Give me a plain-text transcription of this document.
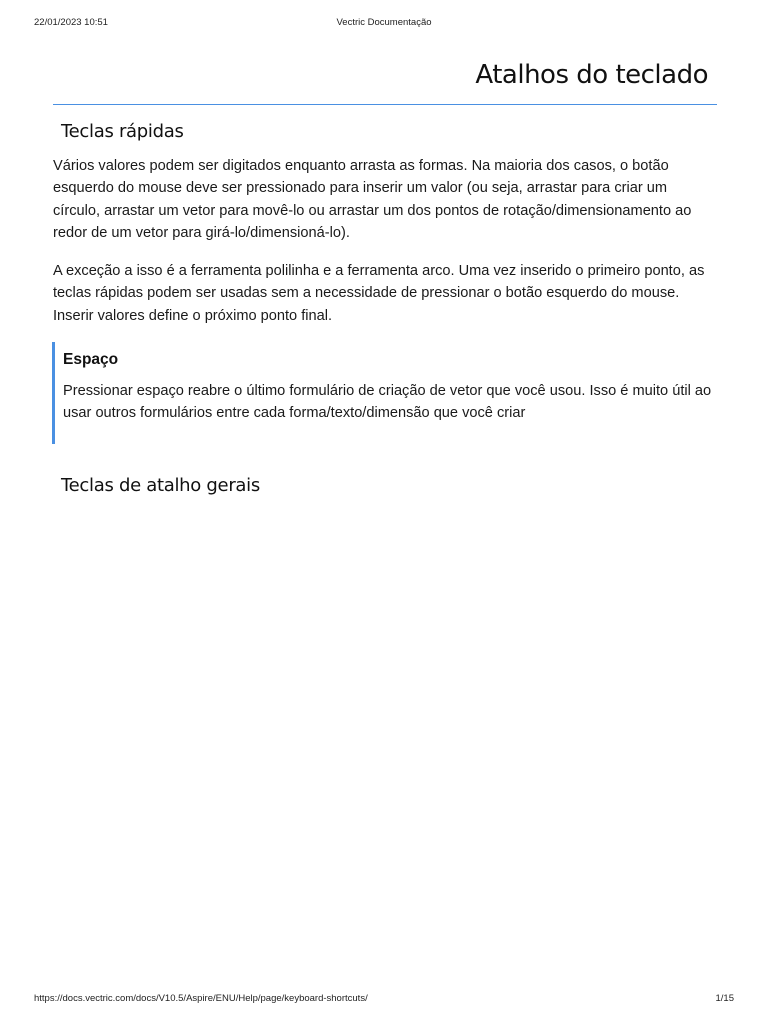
22/01/2023 10:51	Vectric Documentação
Atalhos do teclado
Teclas rápidas

Vários valores podem ser digitados enquanto arrasta as formas. Na maioria dos casos, o botão esquerdo do mouse deve ser pressionado para inserir um valor (ou seja, arrastar para criar um círculo, arrastar um vetor para movê-lo ou arrastar um dos pontos de rotação/dimensionamento ao redor de um vetor para girá-lo/dimensioná-lo).

A exceção a isso é a ferramenta polilinha e a ferramenta arco. Uma vez inserido o primeiro ponto, as teclas rápidas podem ser usadas sem a necessidade de pressionar o botão esquerdo do mouse. Inserir valores define o próximo ponto final.

Espaço

Pressionar espaço reabre o último formulário de criação de vetor que você usou. Isso é muito útil ao usar outros formulários entre cada forma/texto/dimensão que você criar

Teclas de atalho gerais
https://docs.vectric.com/docs/V10.5/Aspire/ENU/Help/page/keyboard-shortcuts/	1/15
